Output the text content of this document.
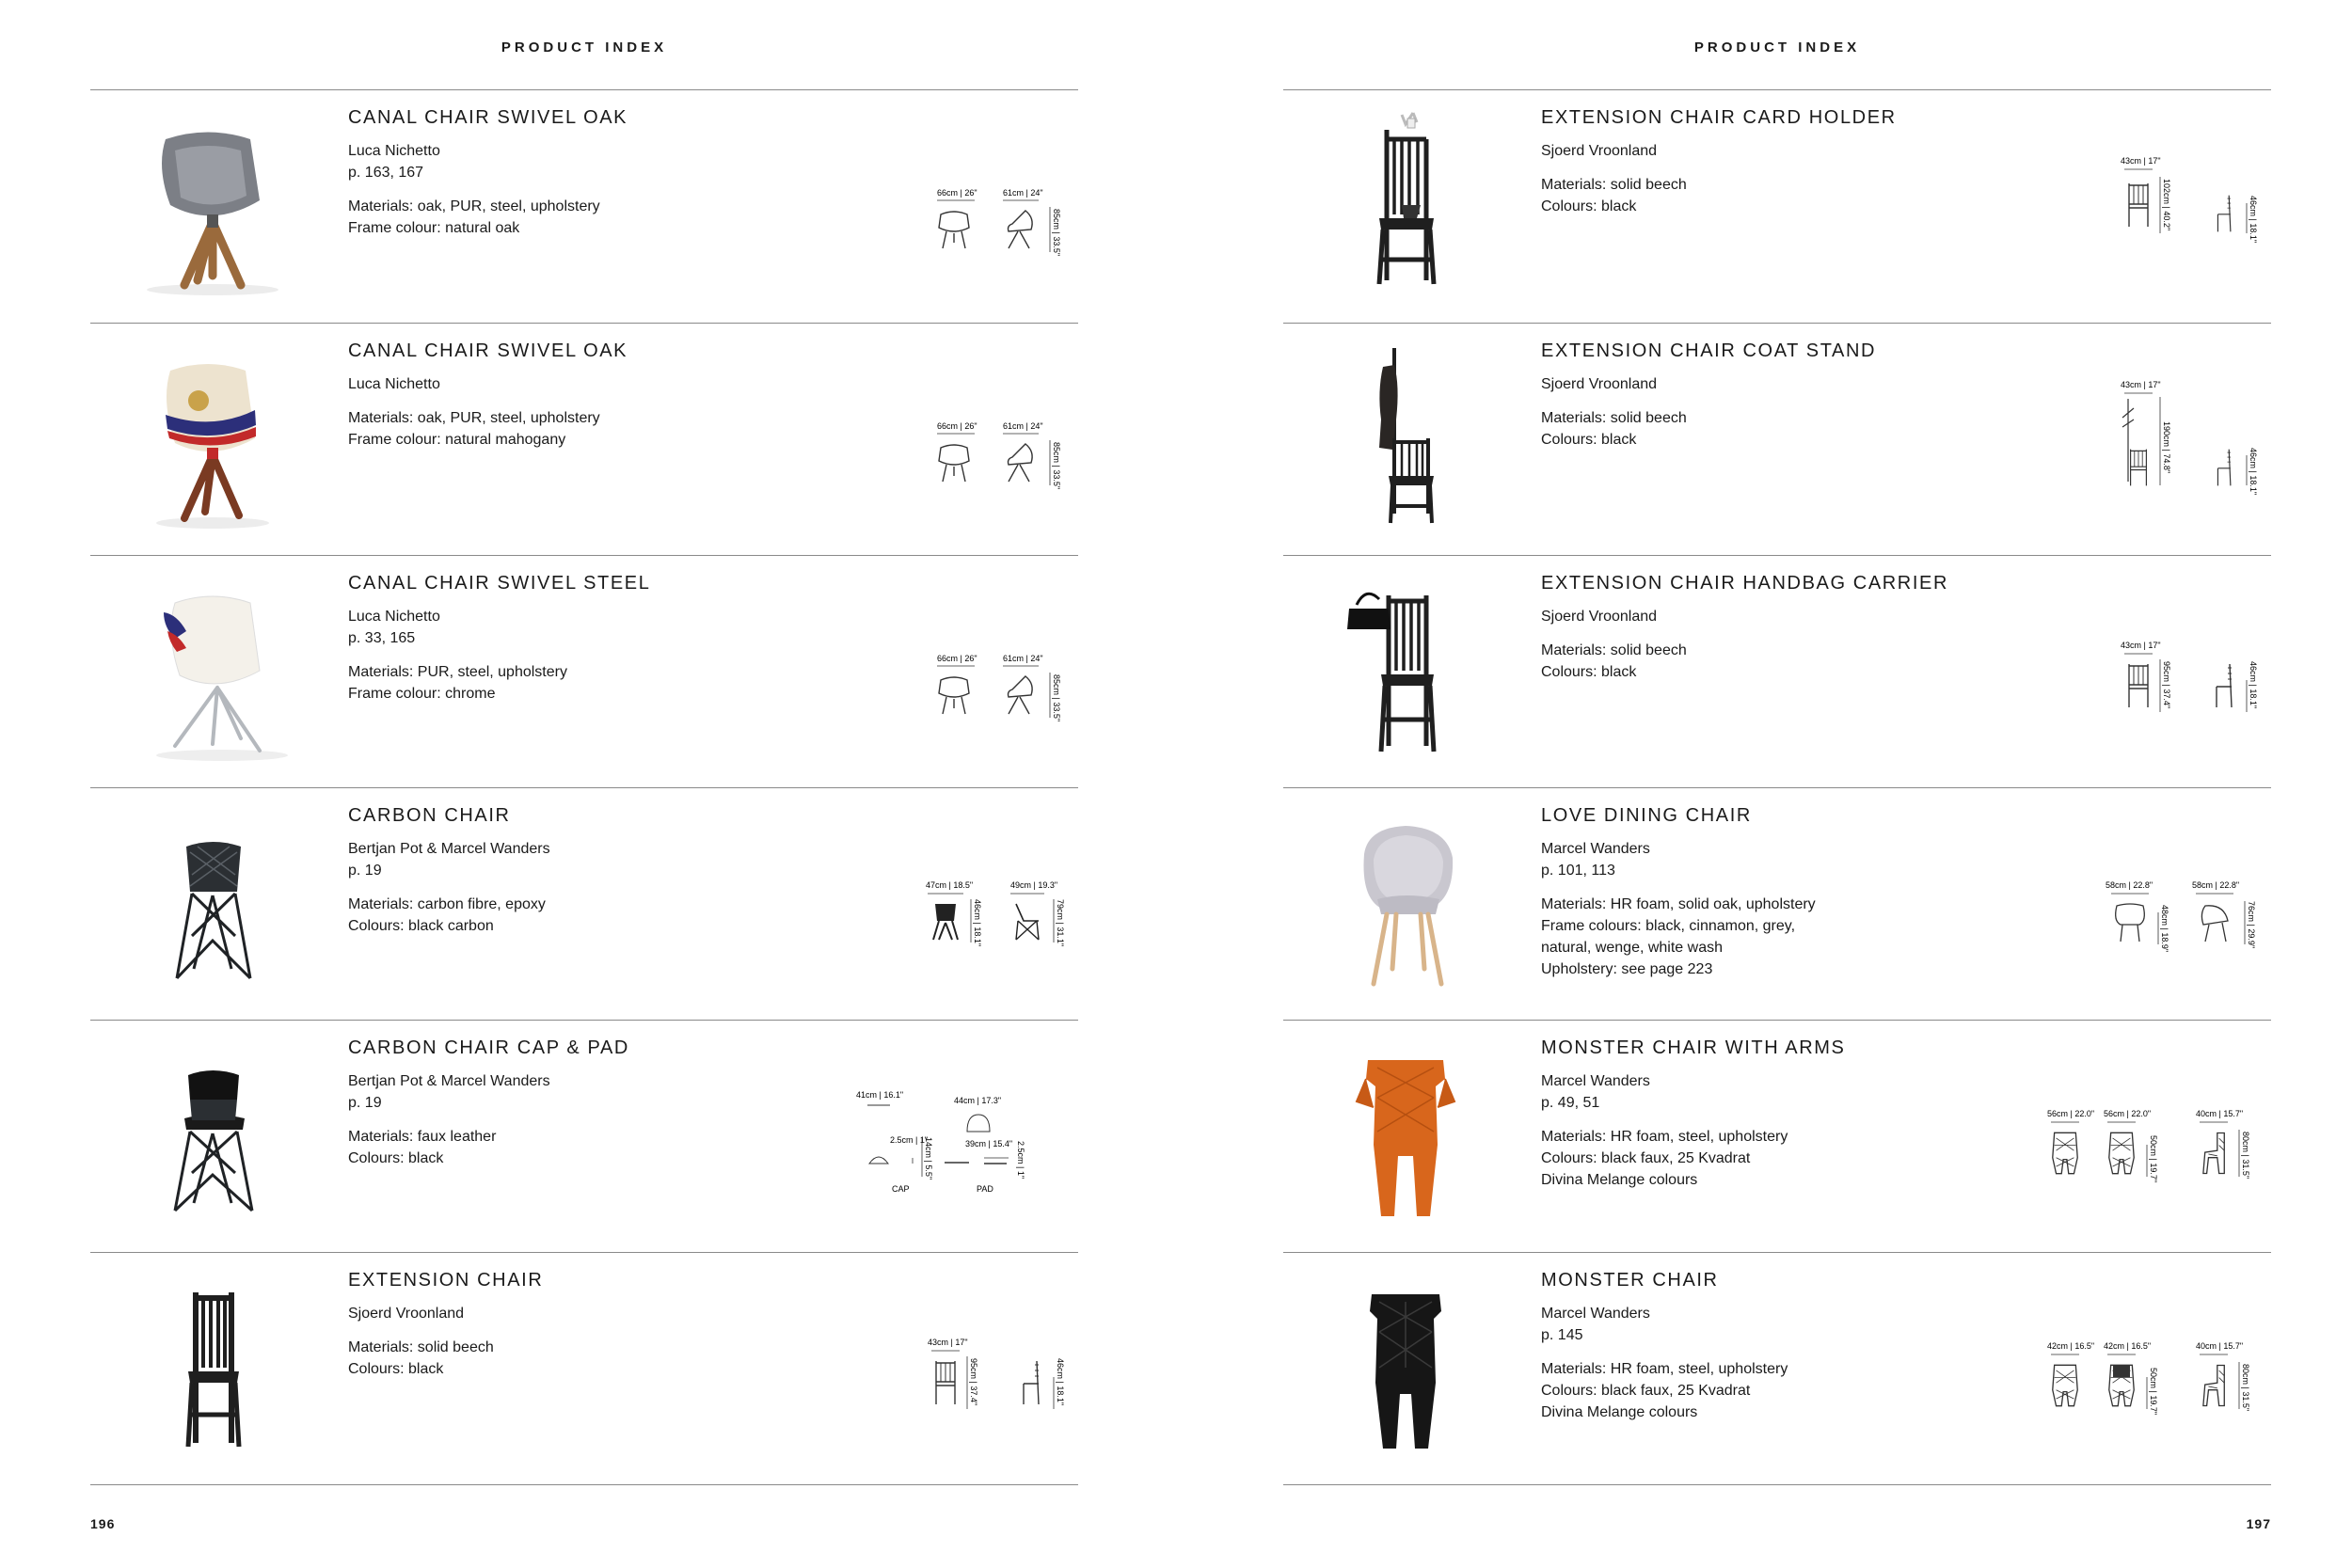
PRODUCT INDEX
CANAL CHAIR SWIVEL OAK
Luca Nichetto
p. 163, 167
Materials: oak, PUR, steel, upholstery
Frame colour: natural oak
66cm | 26"	61cm | 24"
85cm | 33.5"
CANAL CHAIR SWIVEL OAK
Luca Nichetto
Materials: oak, PUR, steel, upholstery
Frame colour: natural mahogany
66cm | 26"	61cm | 24"
85cm | 33.5"
CANAL CHAIR SWIVEL STEEL
Luca Nichetto
p. 33, 165
Materials: PUR, steel, upholstery
Frame colour: chrome
66cm | 26"	61cm | 24"
85cm | 33.5"
CARBON CHAIR
Bertjan Pot & Marcel Wanders
p. 19
Materials: carbon fibre, epoxy
Colours: black carbon
47cm | 18.5"
46cm | 18.1"
49cm | 19.3"
79cm | 31.1"
CARBON CHAIR CAP & PAD
Bertjan Pot & Marcel Wanders
p. 19
Materials: faux leather
Colours: black
41cm | 16.1"
44cm | 17.3"
2.5cm | 1"
14cm | 5.5"	39cm | 15.4" 2.5cm | 1"
CAP	PAD
EXTENSION CHAIR
Sjoerd Vroonland
Materials: solid beech
Colours: black
43cm | 17"
95cm | 37.4"	46cm | 18.1"
196
PRODUCT INDEX
EXTENSION CHAIR CARD HOLDER
Sjoerd Vroonland
Materials: solid beech
Colours: black
43cm | 17"
102cm | 40.2"	46cm | 18.1"
EXTENSION CHAIR COAT STAND
Sjoerd Vroonland
Materials: solid beech
Colours: black
43cm | 17"
190cm | 74.8"	46cm | 18.1"
EXTENSION CHAIR HANDBAG CARRIER
Sjoerd Vroonland
Materials: solid beech
Colours: black
43cm | 17"
95cm | 37.4"	46cm | 18.1"
LOVE DINING CHAIR
Marcel Wanders
p. 101, 113
Materials: HR foam, solid oak, upholstery
Frame colours: black, cinnamon, grey,
natural, wenge, white wash
Upholstery: see page 223
58cm | 22.8"
48cm | 18.9"
58cm | 22.8"
76cm | 29.9"
MONSTER CHAIR WITH ARMS
Marcel Wanders
p. 49, 51
Materials: HR foam, steel, upholstery
Colours: black faux, 25 Kvadrat
Divina Melange colours
56cm | 22.0" 56cm | 22.0"
50cm | 19.7"
40cm | 15.7"
80cm | 31.5"
MONSTER CHAIR
Marcel Wanders
p. 145
Materials: HR foam, steel, upholstery
Colours: black faux, 25 Kvadrat
Divina Melange colours
42cm | 16.5" 42cm | 16.5"
50cm | 19.7"
40cm | 15.7"
80cm | 31.5"
197
